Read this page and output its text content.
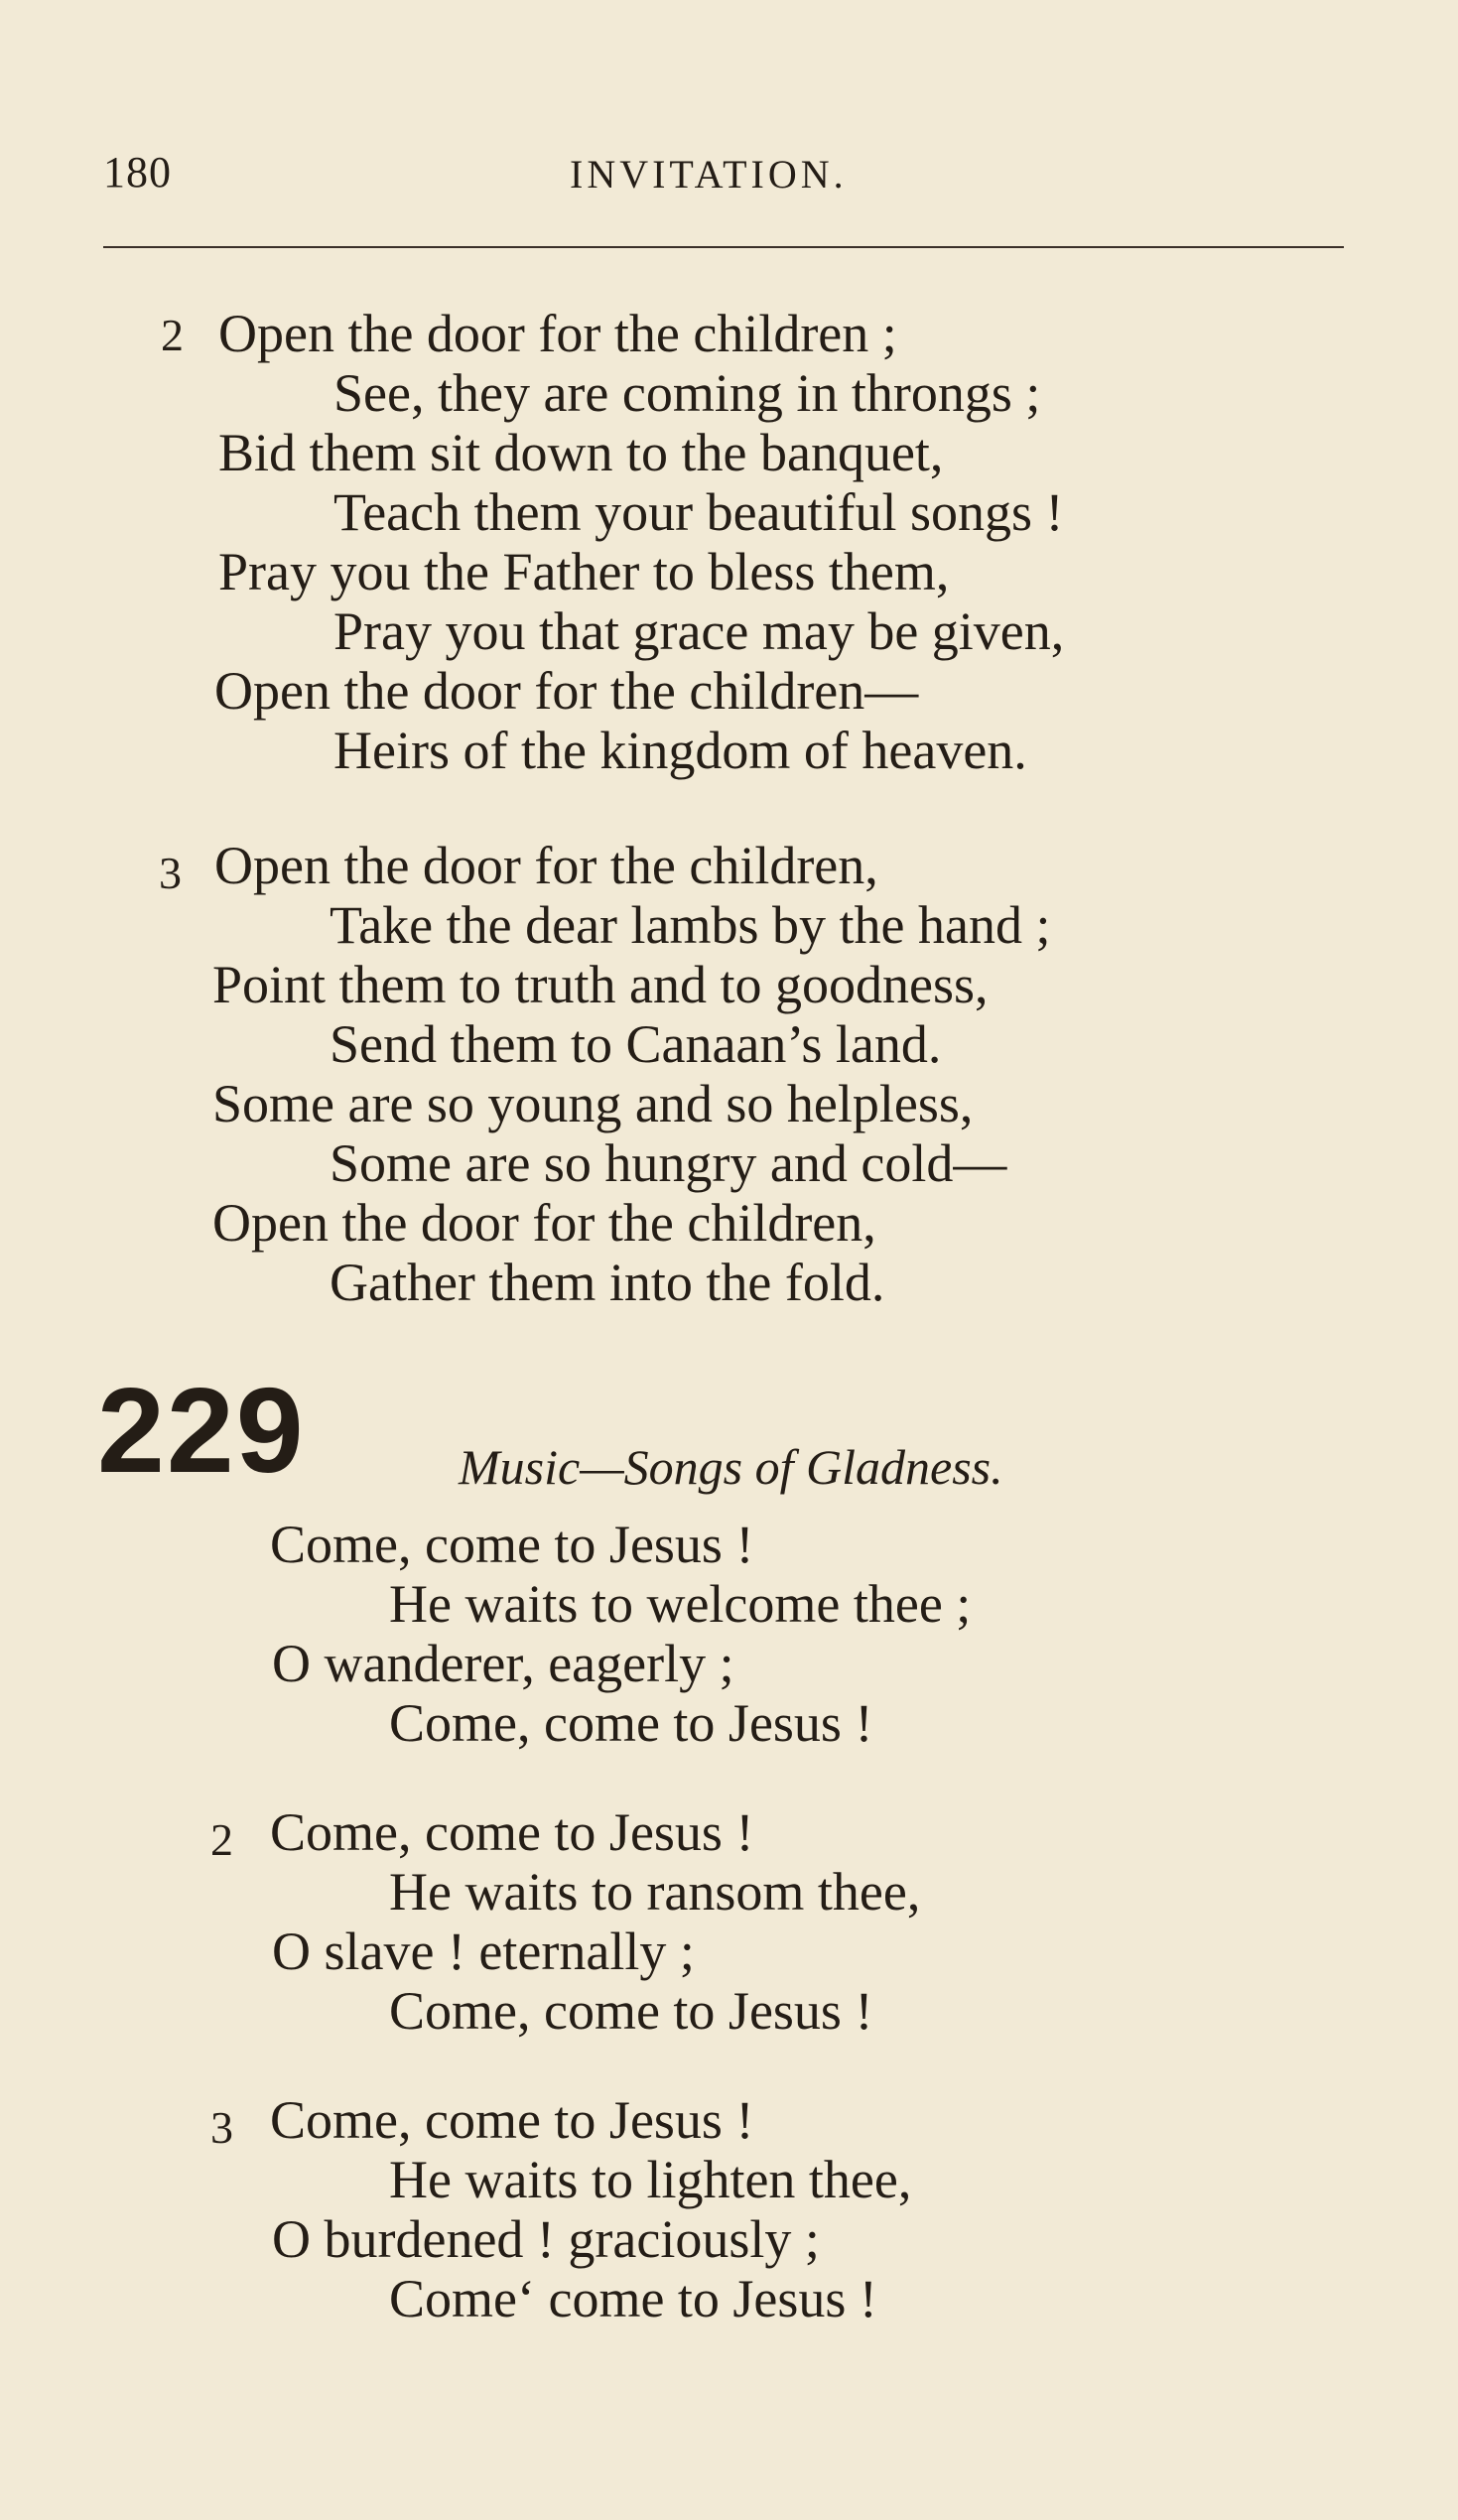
180	INVITATION.
2 Open the door for the children ;
See, they are coming in throngs ;
Bid them sit down to the banquet,
Teach them your beautiful songs !
Pray you the Father to bless them,
Pray you that grace may be given,
Open the door for the children—
Heirs of the kingdom of heaven.
3 Open the door for the children,
Take the dear lambs by the hand ;
Point them to truth and to goodness,
Send them to Canaan’s land.
Some are so young and so helpless,
Some are so hungry and cold—
Open the door for the children,
Gather them into the fold.
229	Music—Songs of Gladness.
Come, come to Jesus !
He waits to welcome thee ;
O wanderer, eagerly ;
Come, come to Jesus !
2 Come, come to Jesus !
He waits to ransom thee,
O slave ! eternally ;
Come, come to Jesus !
3 Come, come to Jesus !
He waits to lighten thee,
O burdened ! graciously ;
Come‘ come to Jesus !
